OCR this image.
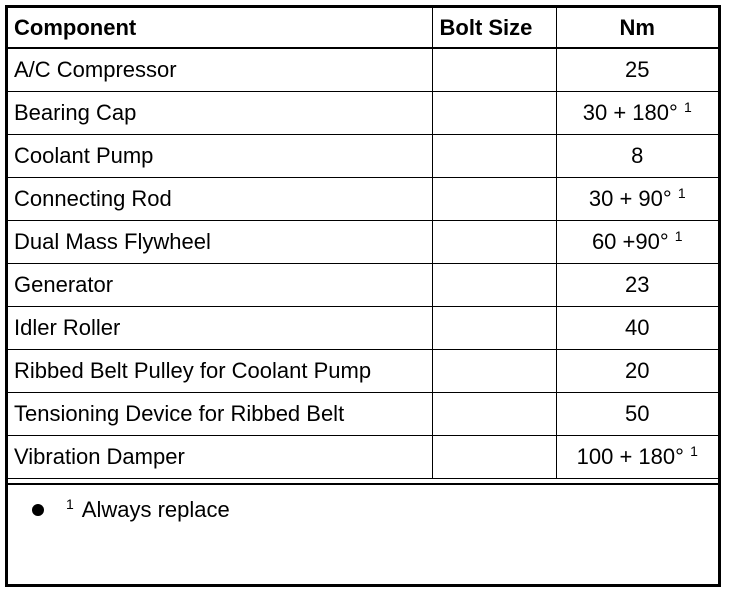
Component	Bolt Size	Nm
A/C Compressor		25
Bearing Cap		30 + 180° $^1$
Coolant Pump		8
Connecting Rod		30 + 90° $^1$
Dual Mass Flywheel		60 +90° $^1$
Generator		23
Idler Roller		40
Ribbed Belt Pulley for Coolant Pump		20
Tensioning Device for Ribbed Belt		50
Vibration Damper		100 + 180° $^1$
$^1$ Always replace
